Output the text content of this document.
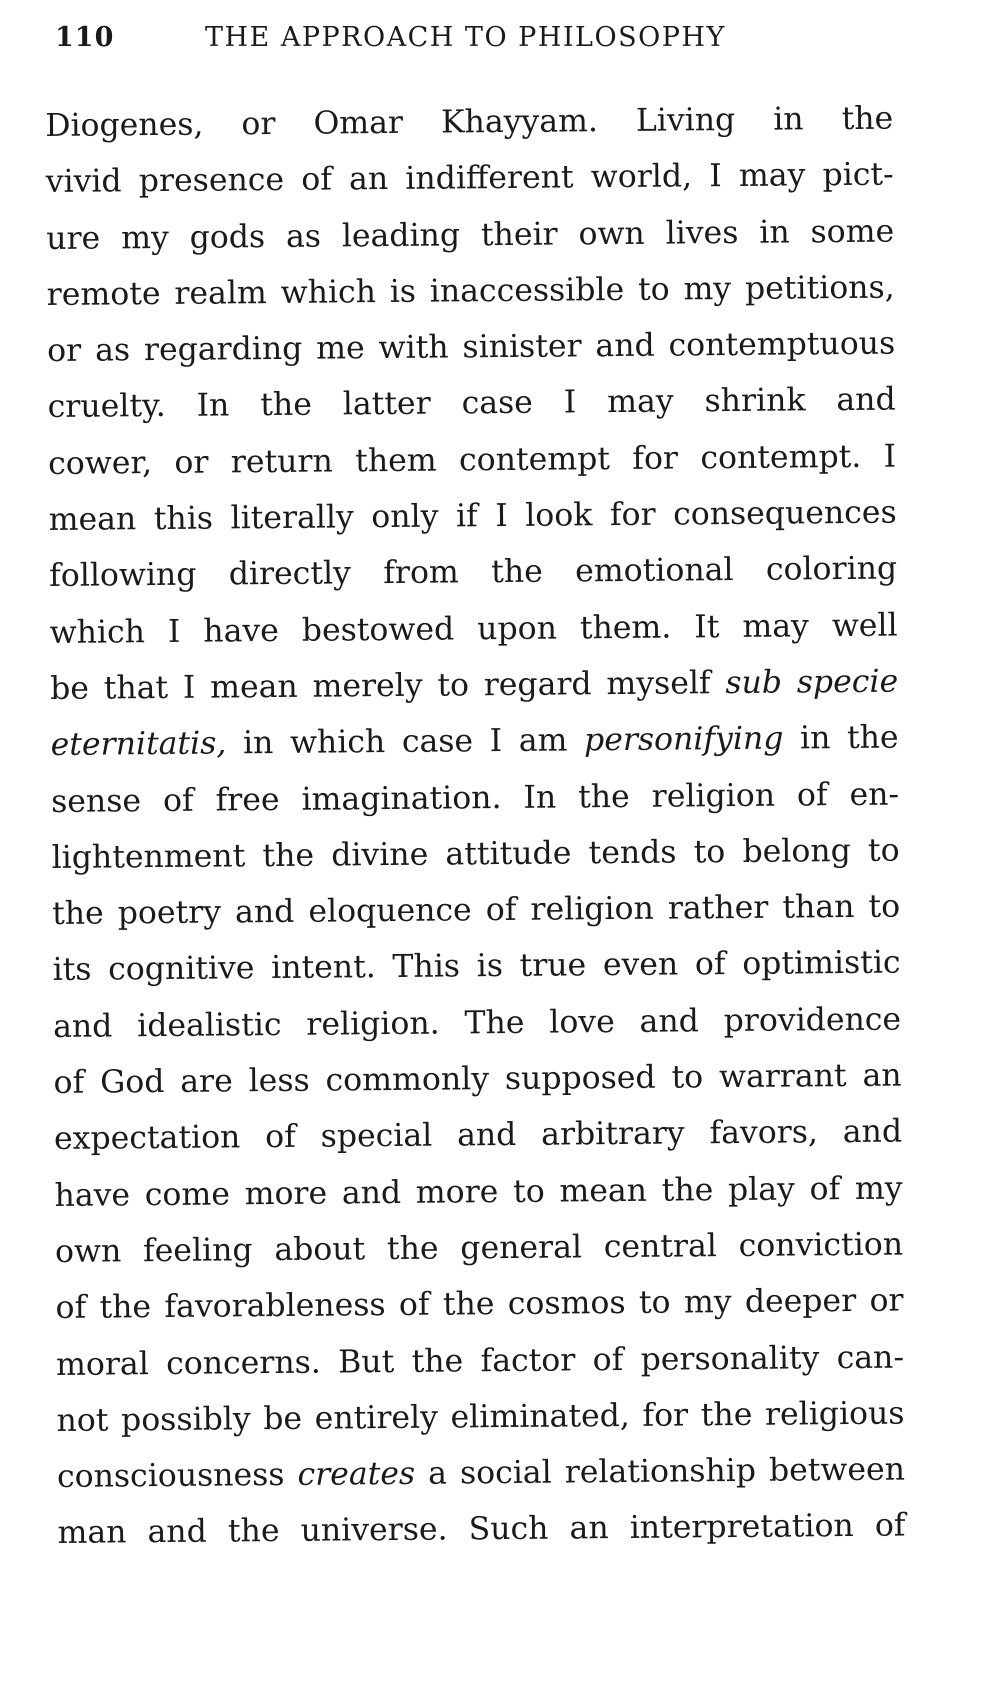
110	THE APPROACH TO PHILOSOPHY
Diogenes, or Omar Khayyam. Living in the
vivid presence of an indifferent world, I may pict-
ure my gods as leading their own lives in some
remote realm which is inaccessible to my petitions,
or as regarding me with sinister and contemptuous
cruelty. In the latter case I may shrink and
cower, or return them contempt for contempt. I
mean this literally only if I look for consequences
following directly from the emotional coloring
which I have bestowed upon them. It may well
be that I mean merely to regard myself sub specie
eternitatis, in which case I am personifying in the
sense of free imagination. In the religion of en-
lightenment the divine attitude tends to belong to
the poetry and eloquence of religion rather than to
its cognitive intent. This is true even of optimistic
and idealistic religion. The love and providence
of God are less commonly supposed to warrant an
expectation of special and arbitrary favors, and
have come more and more to mean the play of my
own feeling about the general central conviction
of the favorableness of the cosmos to my deeper or
moral concerns. But the factor of personality can-
not possibly be entirely eliminated, for the religious
consciousness creates a social relationship between
man and the universe. Such an interpretation of
